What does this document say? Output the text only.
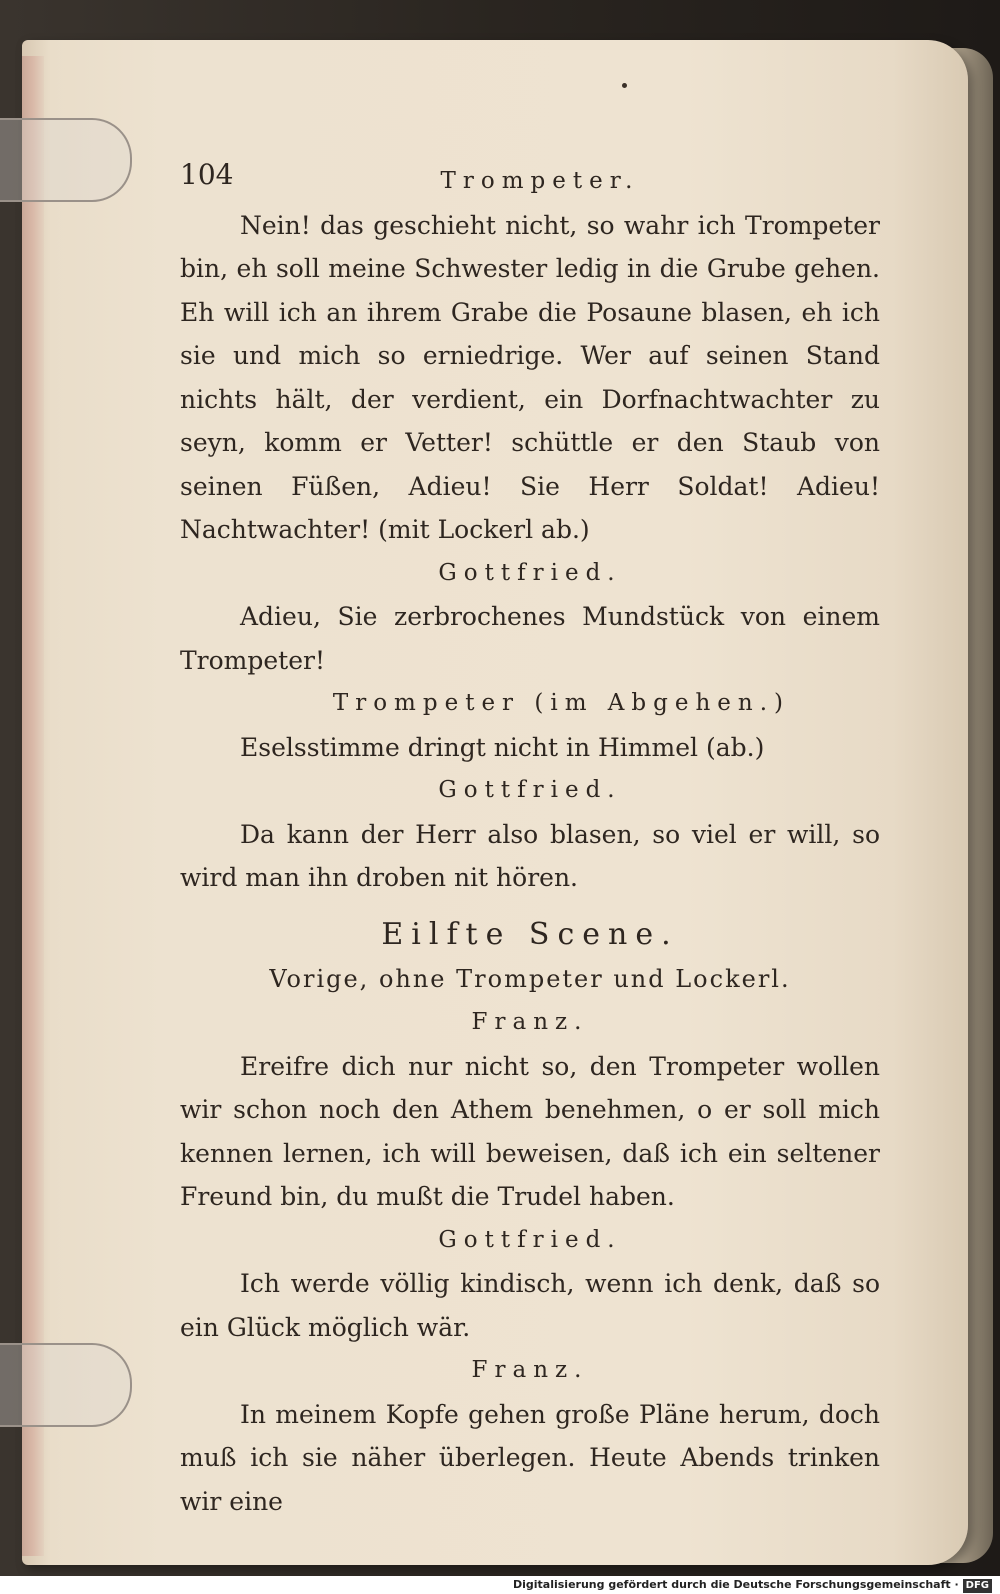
104	Trompeter.
Nein! das geschieht nicht, so wahr ich Trompeter bin, eh soll meine Schwester ledig in die Grube gehen. Eh will ich an ihrem Grabe die Posaune blasen, eh ich sie und mich so erniedrige. Wer auf seinen Stand nichts hält, der verdient, ein Dorfnachtwachter zu seyn, komm er Vetter! schüttle er den Staub von seinen Füßen, Adieu! Sie Herr Soldat! Adieu! Nachtwachter! (mit Lockerl ab.)
Gottfried.
Adieu, Sie zerbrochenes Mundstück von einem Trompeter!
Trompeter (im Abgehen.)
Eselsstimme dringt nicht in Himmel (ab.)
Gottfried.
Da kann der Herr also blasen, so viel er will, so wird man ihn droben nit hören.
Eilfte Scene.
Vorige, ohne Trompeter und Lockerl.
Franz.
Ereifre dich nur nicht so, den Trompeter wollen wir schon noch den Athem benehmen, o er soll mich kennen lernen, ich will beweisen, daß ich ein seltener Freund bin, du mußt die Trudel haben.
Gottfried.
Ich werde völlig kindisch, wenn ich denk, daß so ein Glück möglich wär.
Franz.
In meinem Kopfe gehen große Pläne herum, doch muß ich sie näher überlegen. Heute Abends trinken wir eine
Digitalisierung gefördert durch die Deutsche Forschungsgemeinschaft · DFG
